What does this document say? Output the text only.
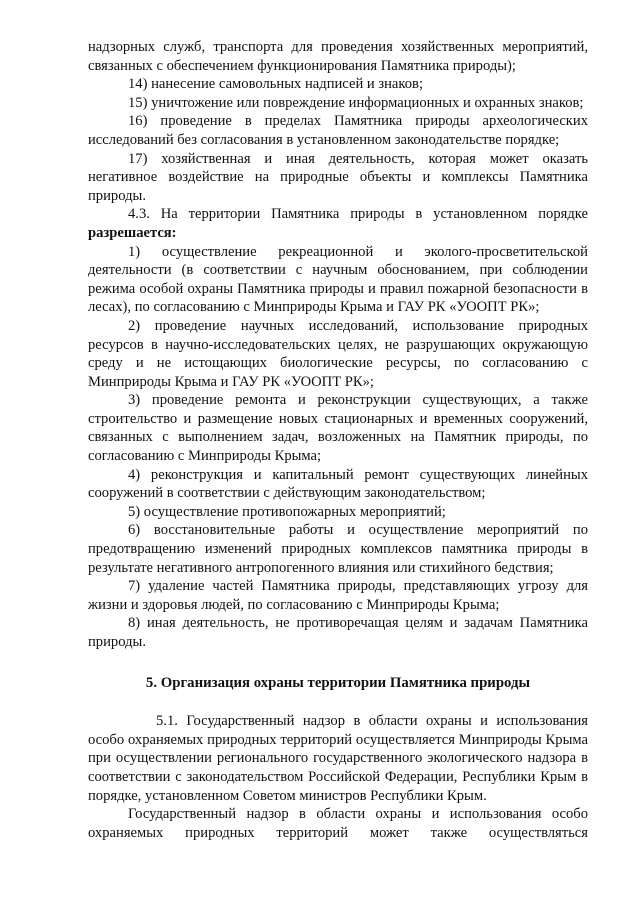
надзорных служб, транспорта для проведения хозяйственных мероприятий, связанных с обеспечением функционирования Памятника природы);

14) нанесение самовольных надписей и знаков;

15) уничтожение или повреждение информационных и охранных знаков;

16) проведение в пределах Памятника природы археологических исследований без согласования в установленном законодательстве порядке;

17) хозяйственная и иная деятельность, которая может оказать негативное воздействие на природные объекты и комплексы Памятника природы.

4.3. На территории Памятника природы в установленном порядке разрешается:

1) осуществление рекреационной и эколого-просветительской деятельности (в соответствии с научным обоснованием, при соблюдении режима особой охраны Памятника природы и правил пожарной безопасности в лесах), по согласованию с Минприроды Крыма и ГАУ РК «УООПТ РК»;

2) проведение научных исследований, использование природных ресурсов в научно-исследовательских целях, не разрушающих окружающую среду и не истощающих биологические ресурсы, по согласованию с Минприроды Крыма и ГАУ РК «УООПТ РК»;

3) проведение ремонта и реконструкции существующих, а также строительство и размещение новых стационарных и временных сооружений, связанных с выполнением задач, возложенных на Памятник природы, по согласованию с Минприроды Крыма;

4) реконструкция и капитальный ремонт существующих линейных сооружений в соответствии с действующим законодательством;

5) осуществление противопожарных мероприятий;

6) восстановительные работы и осуществление мероприятий по предотвращению изменений природных комплексов памятника природы в результате негативного антропогенного влияния или стихийного бедствия;

7) удаление частей Памятника природы, представляющих угрозу для жизни и здоровья людей, по согласованию с Минприроды Крыма;

8) иная деятельность, не противоречащая целям и задачам Памятника природы.

5. Организация охраны территории Памятника природы

5.1. Государственный надзор в области охраны и использования особо охраняемых природных территорий осуществляется Минприроды Крыма при осуществлении регионального государственного экологического надзора в соответствии с законодательством Российской Федерации, Республики Крым в порядке, установленном Советом министров Республики Крым.

Государственный надзор в области охраны и использования особо охраняемых природных территорий может также осуществляться
